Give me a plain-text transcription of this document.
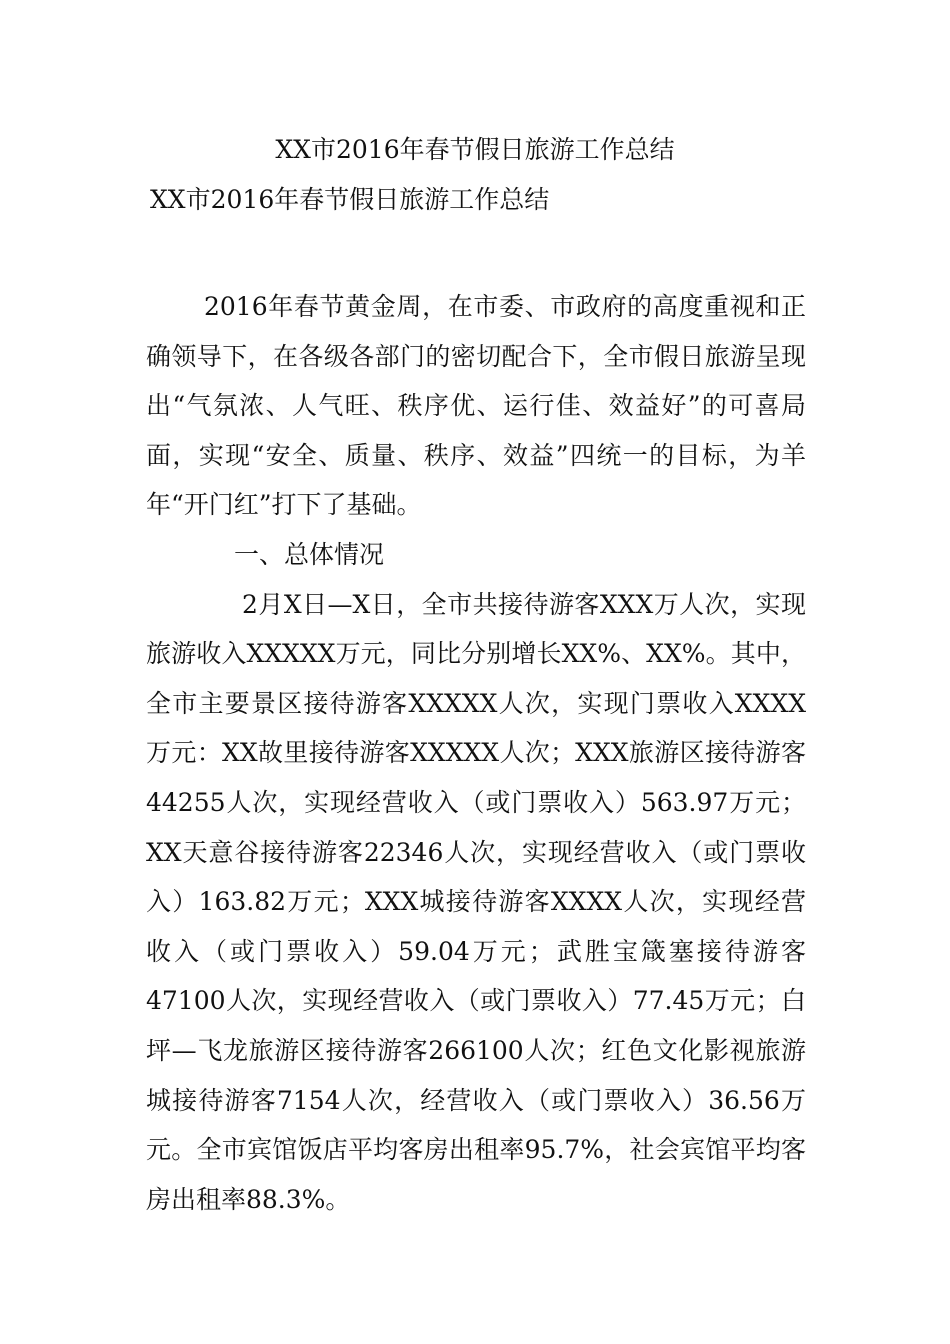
XX市2016年春节假日旅游工作总结
XX市2016年春节假日旅游工作总结

2016年春节黄金周，在市委、市政府的高度重视和正确领导下，在各级各部门的密切配合下，全市假日旅游呈现出“气氛浓、人气旺、秩序优、运行佳、效益好”的可喜局面，实现“安全、质量、秩序、效益”四统一的目标，为羊年“开门红”打下了基础。

一、总体情况

2月X日—X日，全市共接待游客XXX万人次，实现旅游收入XXXXX万元，同比分别增长XX%、XX%。其中，全市主要景区接待游客XXXXX人次，实现门票收入XXXX万元：XX故里接待游客XXXXX人次；XXX旅游区接待游客44255人次，实现经营收入（或门票收入）563.97万元；XX天意谷接待游客22346人次，实现经营收入（或门票收入）163.82万元；XXX城接待游客XXXX人次，实现经营收入（或门票收入）59.04万元；武胜宝箴塞接待游客47100人次，实现经营收入（或门票收入）77.45万元；白坪—飞龙旅游区接待游客266100人次；红色文化影视旅游城接待游客7154人次，经营收入（或门票收入）36.56万元。全市宾馆饭店平均客房出租率95.7%，社会宾馆平均客房出租率88.3%。
